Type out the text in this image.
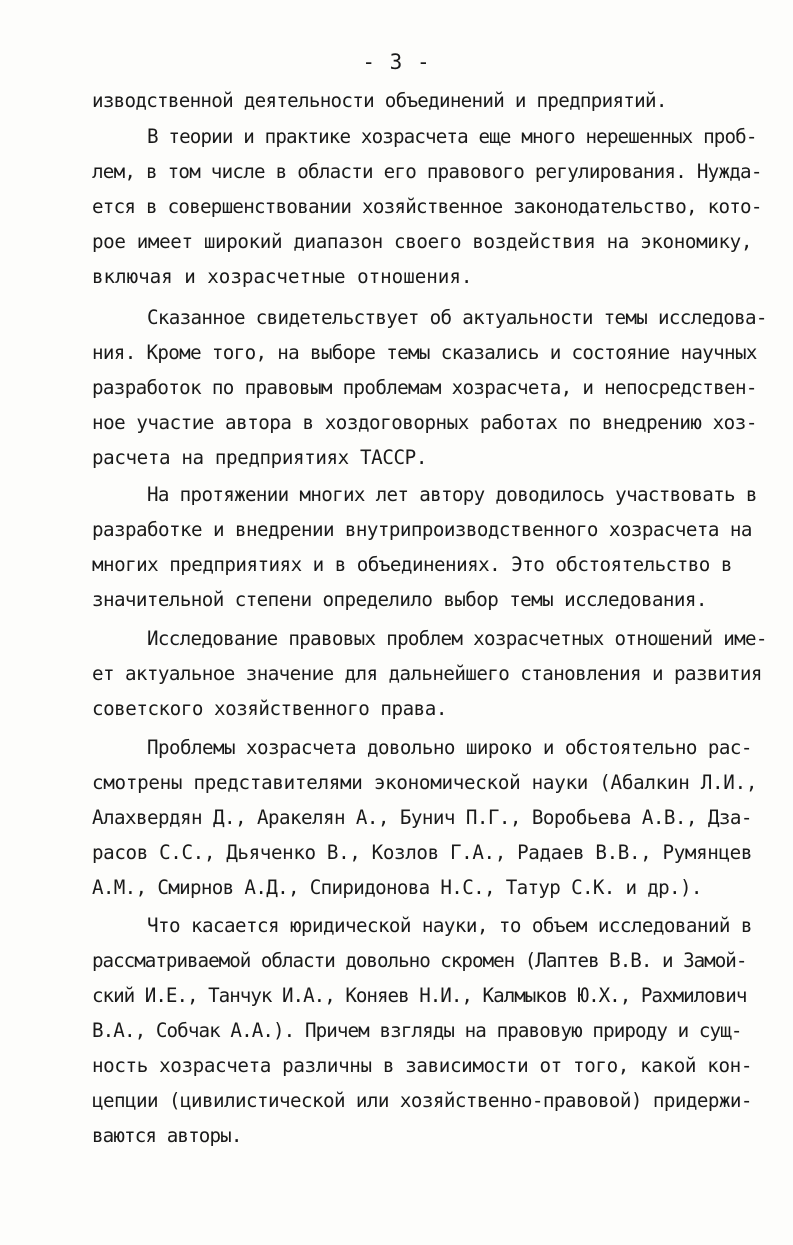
- 3 -
изводственной деятельности объединений и предприятий.
В теории и практике хозрасчета еще много нерешенных проб-
лем, в том числе в области его правового регулирования. Нужда-
ется в совершенствовании хозяйственное законодательство, кото-
рое имеет широкий диапазон своего воздействия на экономику,
включая и хозрасчетные отношения.
Сказанное свидетельствует об актуальности темы исследова-
ния. Кроме того, на выборе темы сказались и состояние научных
разработок по правовым проблемам хозрасчета, и непосредствен-
ное участие автора в хоздоговорных работах по внедрению хоз-
расчета на предприятиях ТАССР.
На протяжении многих лет автору доводилось участвовать в
разработке и внедрении внутрипроизводственного хозрасчета на
многих предприятиях и в объединениях. Это обстоятельство в
значительной степени определило выбор темы исследования.
Исследование правовых проблем хозрасчетных отношений име-
ет актуальное значение для дальнейшего становления и развития
советского хозяйственного права.
Проблемы хозрасчета довольно широко и обстоятельно рас-
смотрены представителями экономической науки (Абалкин Л.И.,
Алахвердян Д., Аракелян А., Бунич П.Г., Воробьева А.В., Дза-
расов С.С., Дьяченко В., Козлов Г.А., Радаев В.В., Румянцев
А.М., Смирнов А.Д., Спиридонова Н.С., Татур С.К. и др.).
Что касается юридической науки, то объем исследований в
рассматриваемой области довольно скромен (Лаптев В.В. и Замой-
ский И.Е., Танчук И.А., Коняев Н.И., Калмыков Ю.Х., Рахмилович
В.А., Собчак А.А.). Причем взгляды на правовую природу и сущ-
ность хозрасчета различны в зависимости от того, какой кон-
цепции (цивилистической или хозяйственно-правовой) придержи-
ваются авторы.
